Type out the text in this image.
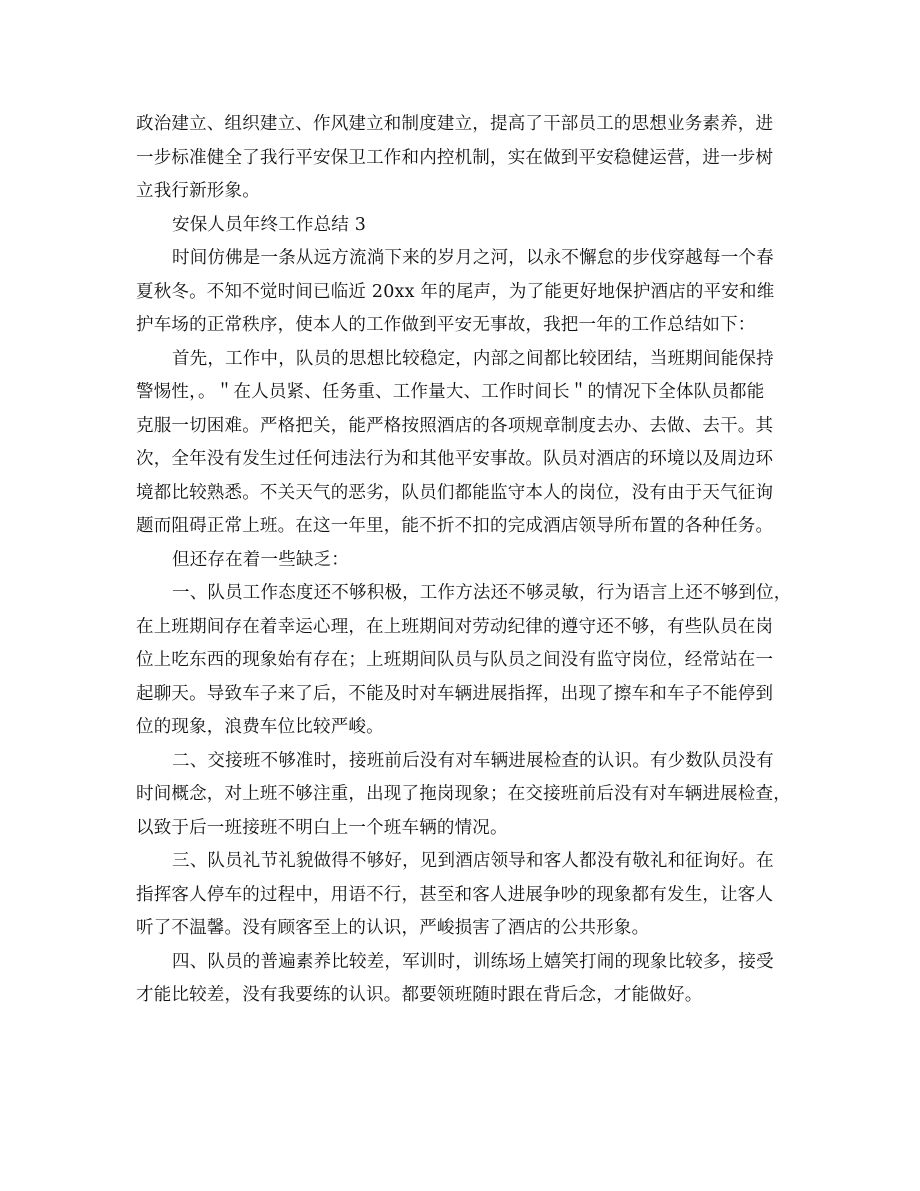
政治建立、组织建立、作风建立和制度建立，提高了干部员工的思想业务素养，进
一步标准健全了我行平安保卫工作和内控机制，实在做到平安稳健运营，进一步树
立我行新形象。
安保人员年终工作总结 3
时间仿佛是一条从远方流淌下来的岁月之河，以永不懈怠的步伐穿越每一个春
夏秋冬。不知不觉时间已临近 20xx 年的尾声，为了能更好地保护酒店的平安和维
护车场的正常秩序，使本人的工作做到平安无事故，我把一年的工作总结如下：
首先，工作中，队员的思想比较稳定，内部之间都比较团结，当班期间能保持
警惕性，。＂在人员紧、任务重、工作量大、工作时间长＂的情况下全体队员都能
克服一切困难。严格把关，能严格按照酒店的各项规章制度去办、去做、去干。其
次，全年没有发生过任何违法行为和其他平安事故。队员对酒店的环境以及周边环
境都比较熟悉。不关天气的恶劣，队员们都能监守本人的岗位，没有由于天气征询
题而阻碍正常上班。在这一年里，能不折不扣的完成酒店领导所布置的各种任务。
但还存在着一些缺乏：
一、队员工作态度还不够积极，工作方法还不够灵敏，行为语言上还不够到位，
在上班期间存在着幸运心理，在上班期间对劳动纪律的遵守还不够，有些队员在岗
位上吃东西的现象始有存在；上班期间队员与队员之间没有监守岗位，经常站在一
起聊天。导致车子来了后，不能及时对车辆进展指挥，出现了擦车和车子不能停到
位的现象，浪费车位比较严峻。
二、交接班不够准时，接班前后没有对车辆进展检查的认识。有少数队员没有
时间概念，对上班不够注重，出现了拖岗现象；在交接班前后没有对车辆进展检查，
以致于后一班接班不明白上一个班车辆的情况。
三、队员礼节礼貌做得不够好，见到酒店领导和客人都没有敬礼和征询好。在
指挥客人停车的过程中，用语不行，甚至和客人进展争吵的现象都有发生，让客人
听了不温馨。没有顾客至上的认识，严峻损害了酒店的公共形象。
四、队员的普遍素养比较差，军训时，训练场上嬉笑打闹的现象比较多，接受
才能比较差，没有我要练的认识。都要领班随时跟在背后念，才能做好。
